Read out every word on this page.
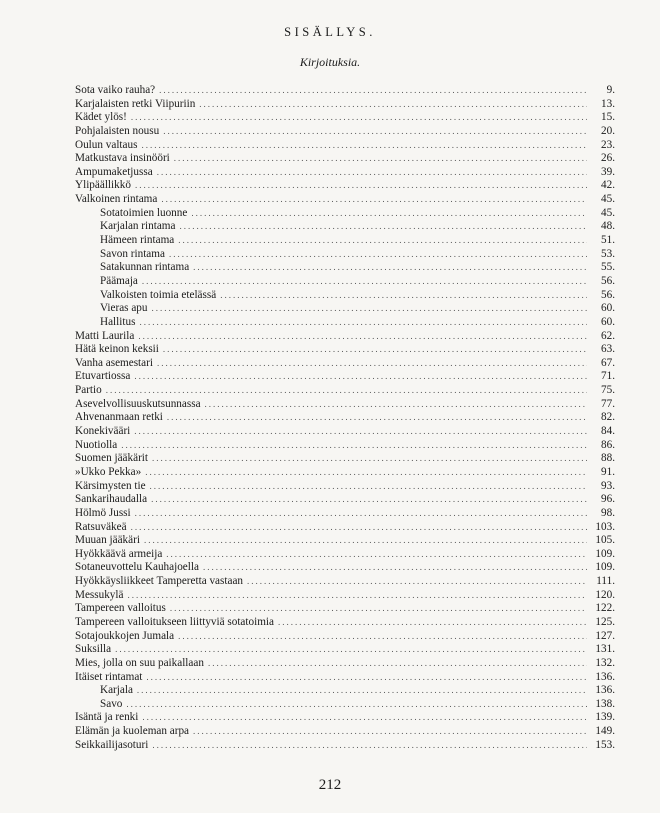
SISÄLLYS.
Kirjoituksia.
Sota vaiko rauha? .....	9.
Karjalaisten retki Viipuriin .....	13.
Kädet ylös! .....	15.
Pohjalaisten nousu .....	20.
Oulun valtaus .....	23.
Matkustava insinööri .....	26.
Ampumaketjussa .....	39.
Ylipäällikkö .....	42.
Valkoinen rintama .....	45.
Sotatoimien luonne .....	45.
Karjalan rintama .....	48.
Hämeen rintama .....	51.
Savon rintama .....	53.
Satakunnan rintama .....	55.
Päämaja .....	56.
Valkoisten toimia etelässä .....	56.
Vieras apu .....	60.
Hallitus .....	60.
Matti Laurila .....	62.
Hätä keinon keksii .....	63.
Vanha asemestari .....	67.
Etuvartiossa .....	71.
Partio .....	75.
Asevelvollisuuskutsunnassa .....	77.
Ahvenanmaan retki .....	82.
Konekivääri .....	84.
Nuotiolla .....	86.
Suomen jääkärit .....	88.
»Ukko Pekka» .....	91.
Kärsimysten tie .....	93.
Sankarihaudalla .....	96.
Hölmö Jussi .....	98.
Ratsuväkeä .....	103.
Muuan jääkäri .....	105.
Hyökkäävä armeija .....	109.
Sotaneuvottelu Kauhajoella .....	109.
Hyökkäysliikkeet Tamperetta vastaan .....	111.
Messukylä .....	120.
Tampereen valloitus .....	122.
Tampereen valloitukseen liittyviä sotatoimia .....	125.
Sotajoukkojen Jumala .....	127.
Suksilla .....	131.
Mies, jolla on suu paikallaan .....	132.
Itäiset rintamat .....	136.
Karjala .....	136.
Savo .....	138.
Isäntä ja renki .....	139.
Elämän ja kuoleman arpa .....	149.
Seikkailijasoturi .....	153.
212
